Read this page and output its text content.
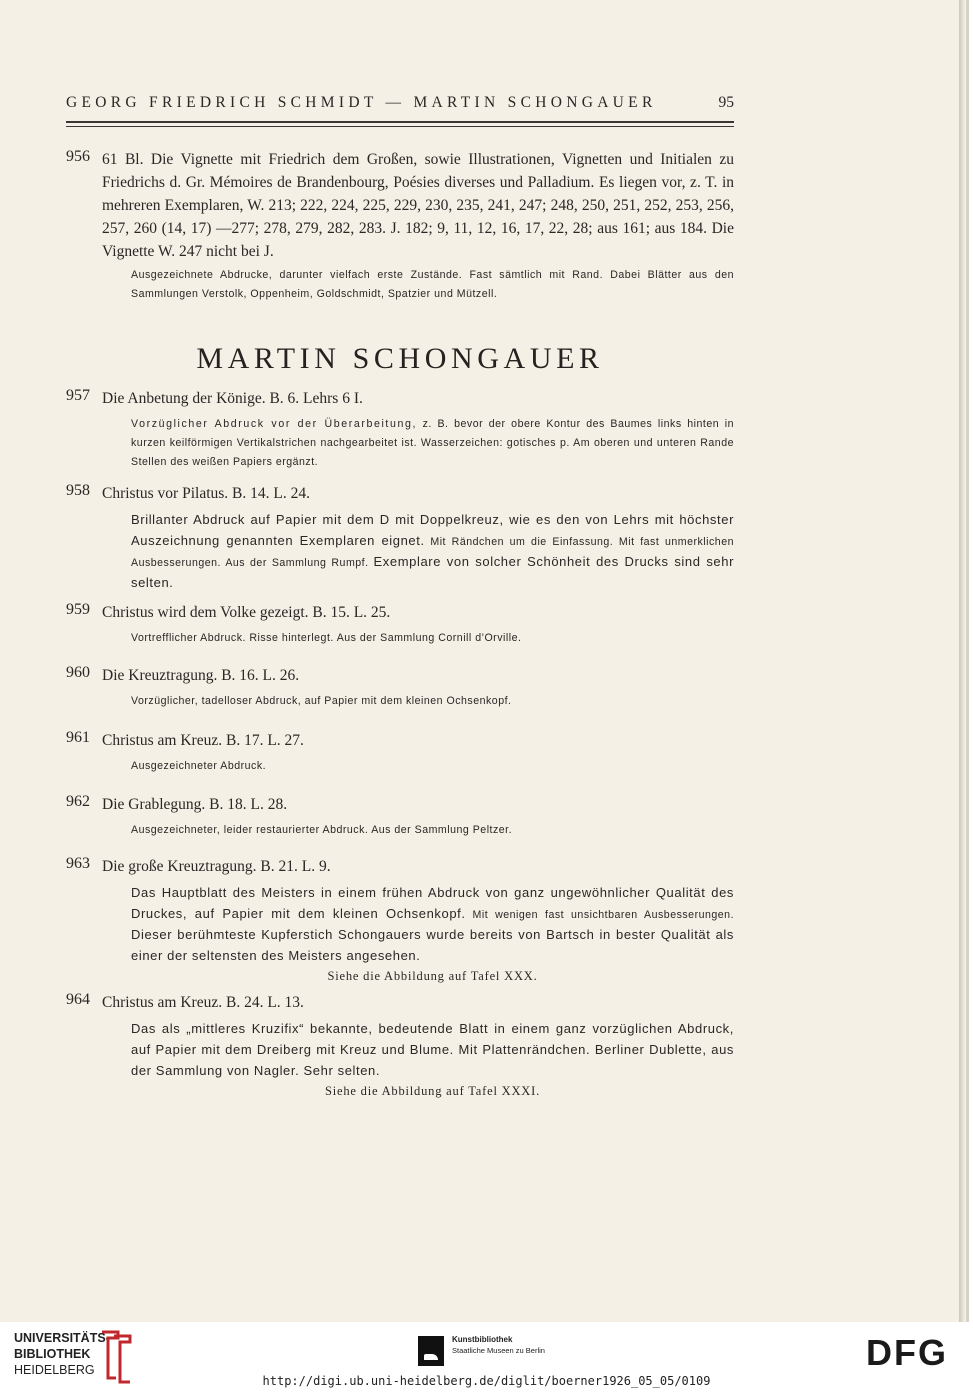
GEORG FRIEDRICH SCHMIDT — MARTIN SCHONGAUER	95
956 61 Bl. Die Vignette mit Friedrich dem Großen, sowie Illustrationen, Vignetten und Initialen zu Friedrichs d. Gr. Mémoires de Brandenbourg, Poésies diverses und Palladium. Es liegen vor, z. T. in mehreren Exemplaren, W. 213; 222, 224, 225, 229, 230, 235, 241, 247; 248, 250, 251, 252, 253, 256, 257, 260 (14, 17) —277; 278, 279, 282, 283. J. 182; 9, 11, 12, 16, 17, 22, 28; aus 161; aus 184. Die Vignette W. 247 nicht bei J.
Ausgezeichnete Abdrucke, darunter vielfach erste Zustände. Fast sämtlich mit Rand. Dabei Blätter aus den Sammlungen Verstolk, Oppenheim, Goldschmidt, Spatzier und Mützell.
MARTIN SCHONGAUER
957 Die Anbetung der Könige. B. 6. Lehrs 6 I.
Vorzüglicher Abdruck vor der Überarbeitung, z. B. bevor der obere Kontur des Baumes links hinten in kurzen keilförmigen Vertikalstrichen nachgearbeitet ist. Wasserzeichen: gotisches p. Am oberen und unteren Rande Stellen des weißen Papiers ergänzt.
958 Christus vor Pilatus. B. 14. L. 24.
Brillanter Abdruck auf Papier mit dem D mit Doppelkreuz, wie es den von Lehrs mit höchster Auszeichnung genannten Exemplaren eignet. Mit Rändchen um die Einfassung. Mit fast unmerklichen Ausbesserungen. Aus der Sammlung Rumpf. Exemplare von solcher Schönheit des Drucks sind sehr selten.
959 Christus wird dem Volke gezeigt. B. 15. L. 25.
Vortrefflicher Abdruck. Risse hinterlegt. Aus der Sammlung Cornill d’Orville.
960 Die Kreuztragung. B. 16. L. 26.
Vorzüglicher, tadelloser Abdruck, auf Papier mit dem kleinen Ochsenkopf.
961 Christus am Kreuz. B. 17. L. 27.
Ausgezeichneter Abdruck.
962 Die Grablegung. B. 18. L. 28.
Ausgezeichneter, leider restaurierter Abdruck. Aus der Sammlung Peltzer.
963 Die große Kreuztragung. B. 21. L. 9.
Das Hauptblatt des Meisters in einem frühen Abdruck von ganz ungewöhnlicher Qualität des Druckes, auf Papier mit dem kleinen Ochsenkopf. Mit wenigen fast unsichtbaren Ausbesserungen. Dieser berühmteste Kupferstich Schongauers wurde bereits von Bartsch in bester Qualität als einer der seltensten des Meisters angesehen.
Siehe die Abbildung auf Tafel XXX.
964 Christus am Kreuz. B. 24. L. 13.
Das als „mittleres Kruzifix“ bekannte, bedeutende Blatt in einem ganz vorzüglichen Abdruck, auf Papier mit dem Dreiberg mit Kreuz und Blume. Mit Plattenrändchen. Berliner Dublette, aus der Sammlung von Nagler. Sehr selten.
Siehe die Abbildung auf Tafel XXXI.
UNIVERSITÄTS-
BIBLIOTHEK
HEIDELBERG
Kunstbibliothek
Staatliche Museen zu Berlin	DFG
http://digi.ub.uni-heidelberg.de/diglit/boerner1926_05_05/0109
